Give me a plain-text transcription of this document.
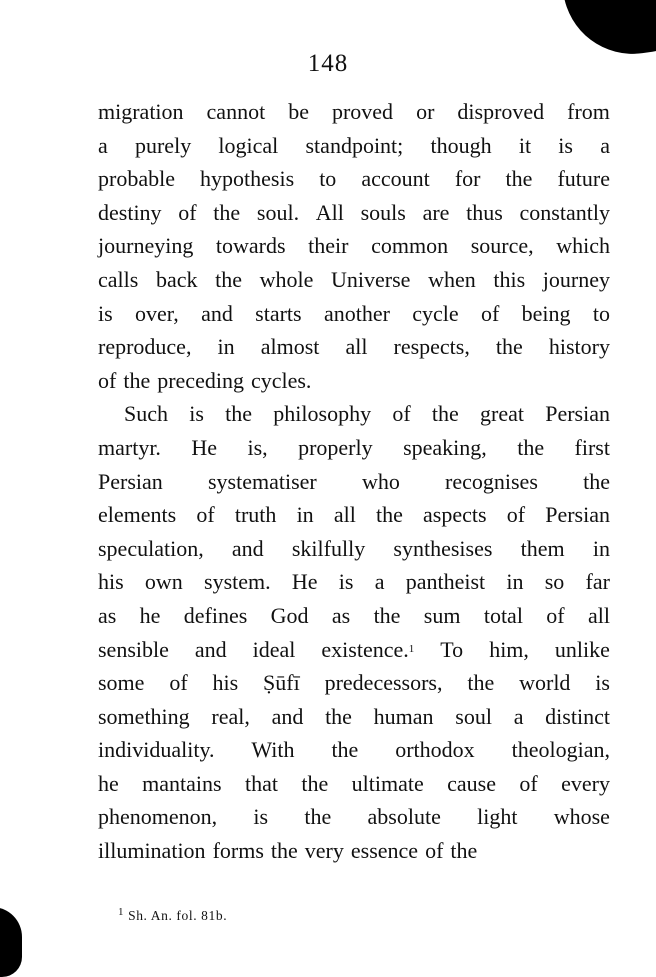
148
migration cannot be proved or disproved from
a purely logical standpoint; though it is a
probable hypothesis to account for the future
destiny of the soul. All souls are thus constantly
journeying towards their common source, which
calls back the whole Universe when this journey
is over, and starts another cycle of being to
reproduce, in almost all respects, the history
of the preceding cycles.
Such is the philosophy of the great Persian
martyr. He is, properly speaking, the first
Persian systematiser who recognises the
elements of truth in all the aspects of Persian
speculation, and skilfully synthesises them in
his own system. He is a pantheist in so far
as he defines God as the sum total of all
sensible and ideal existence.$^1$ To him, unlike
some of his Ṣūfī predecessors, the world is
something real, and the human soul a distinct
individuality. With the orthodox theologian,
he mantains that the ultimate cause of every
phenomenon, is the absolute light whose
illumination forms the very essence of the
$^1$ Sh. An. fol. 81b.
